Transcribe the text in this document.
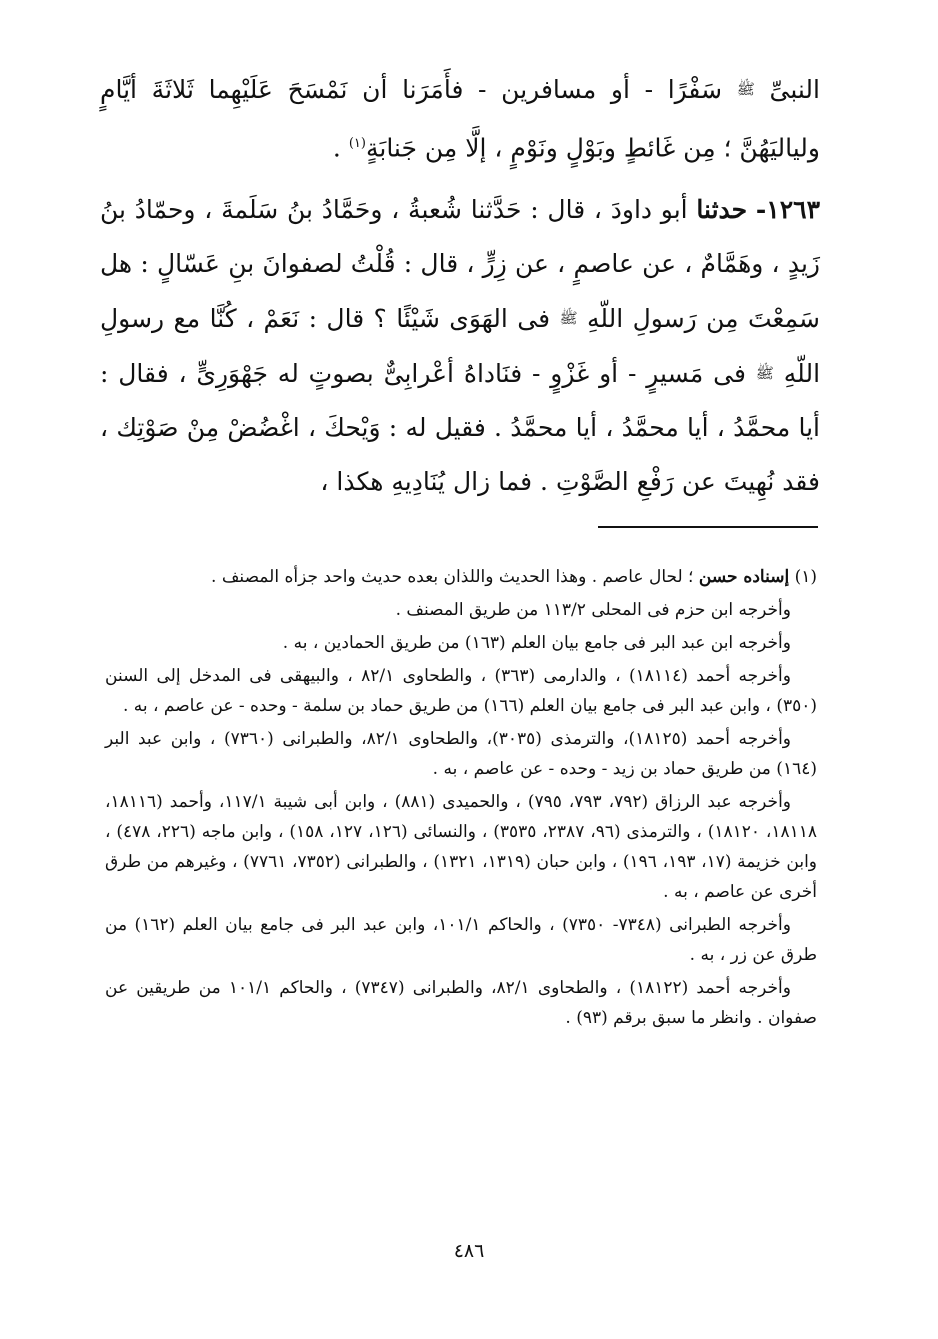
النبىِّ ﷺ سَفْرًا - أو مسافرين - فأَمَرَنا أن نَمْسَحَ عَلَيْهِما ثَلاثَةَ أيَّامٍ ولياليَهُنَّ ؛ مِن غَائطٍ وبَوْلٍ ونَوْمٍ ، إلَّا مِن جَنابَةٍ$^{(١)}$ .

١٢٦٣- حدثنا أبو داودَ ، قال : حَدَّثنا شُعبةُ ، وحَمَّادُ بنُ سَلَمةَ ، وحمّادُ بنُ زَيدٍ ، وهَمَّامٌ ، عن عاصمٍ ، عن زِرٍّ ، قال : قُلْتُ لصفوانَ بنِ عَسّالٍ : هل سَمِعْتَ مِن رَسولِ اللّهِ ﷺ فى الهَوَى شَيْئًا ؟ قال : نَعَمْ ، كُنَّا مع رسولِ اللّهِ ﷺ فى مَسيرٍ - أو غَزْوٍ - فنَاداهُ أعْرابِىٌّ بصوتٍ له جَهْوَرِىٍّ ، فقال : أيا محمَّدُ ، أيا محمَّدُ ، أيا محمَّدُ . فقيل له : وَيْحكَ ، اغْضُضْ مِنْ صَوْتِك ، فقد نُهِيتَ عن رَفْعِ الصَّوْتِ . فما زال يُنَادِيهِ هكذا ،

(١) إسناده حسن ؛ لحال عاصم . وهذا الحديث واللذان بعده حديث واحد جزأه المصنف .

وأخرجه ابن حزم فى المحلى ١١٣/٢ من طريق المصنف .

وأخرجه ابن عبد البر فى جامع بيان العلم (١٦٣) من طريق الحمادين ، به .

وأخرجه أحمد (١٨١١٤) ، والدارمى (٣٦٣) ، والطحاوى ٨٢/١ ، والبيهقى فى المدخل إلى السنن (٣٥٠) ، وابن عبد البر فى جامع بيان العلم (١٦٦) من طريق حماد بن سلمة - وحده - عن عاصم ، به .

وأخرجه أحمد (١٨١٢٥)، والترمذى (٣٠٣٥)، والطحاوى ٨٢/١، والطبرانى (٧٣٦٠) ، وابن عبد البر (١٦٤) من طريق حماد بن زيد - وحده - عن عاصم ، به .

وأخرجه عبد الرزاق (٧٩٢، ٧٩٣، ٧٩٥) ، والحميدى (٨٨١) ، وابن أبى شيبة ١١٧/١، وأحمد (١٨١١٦، ١٨١١٨، ١٨١٢٠) ، والترمذى (٩٦، ٢٣٨٧، ٣٥٣٥) ، والنسائى (١٢٦، ١٢٧، ١٥٨) ، وابن ماجه (٢٢٦، ٤٧٨) ، وابن خزيمة (١٧، ١٩٣، ١٩٦) ، وابن حبان (١٣١٩، ١٣٢١) ، والطبرانى (٧٣٥٢، ٧٧٦١) ، وغيرهم من طرق أخرى عن عاصم ، به .

وأخرجه الطبرانى (٧٣٤٨- ٧٣٥٠) ، والحاكم ١٠١/١، وابن عبد البر فى جامع بيان العلم (١٦٢) من طرق عن زر ، به .

وأخرجه أحمد (١٨١٢٢) ، والطحاوى ٨٢/١، والطبرانى (٧٣٤٧) ، والحاكم ١٠١/١ من طريقين عن صفوان . وانظر ما سبق برقم (٩٣) .

٤٨٦
